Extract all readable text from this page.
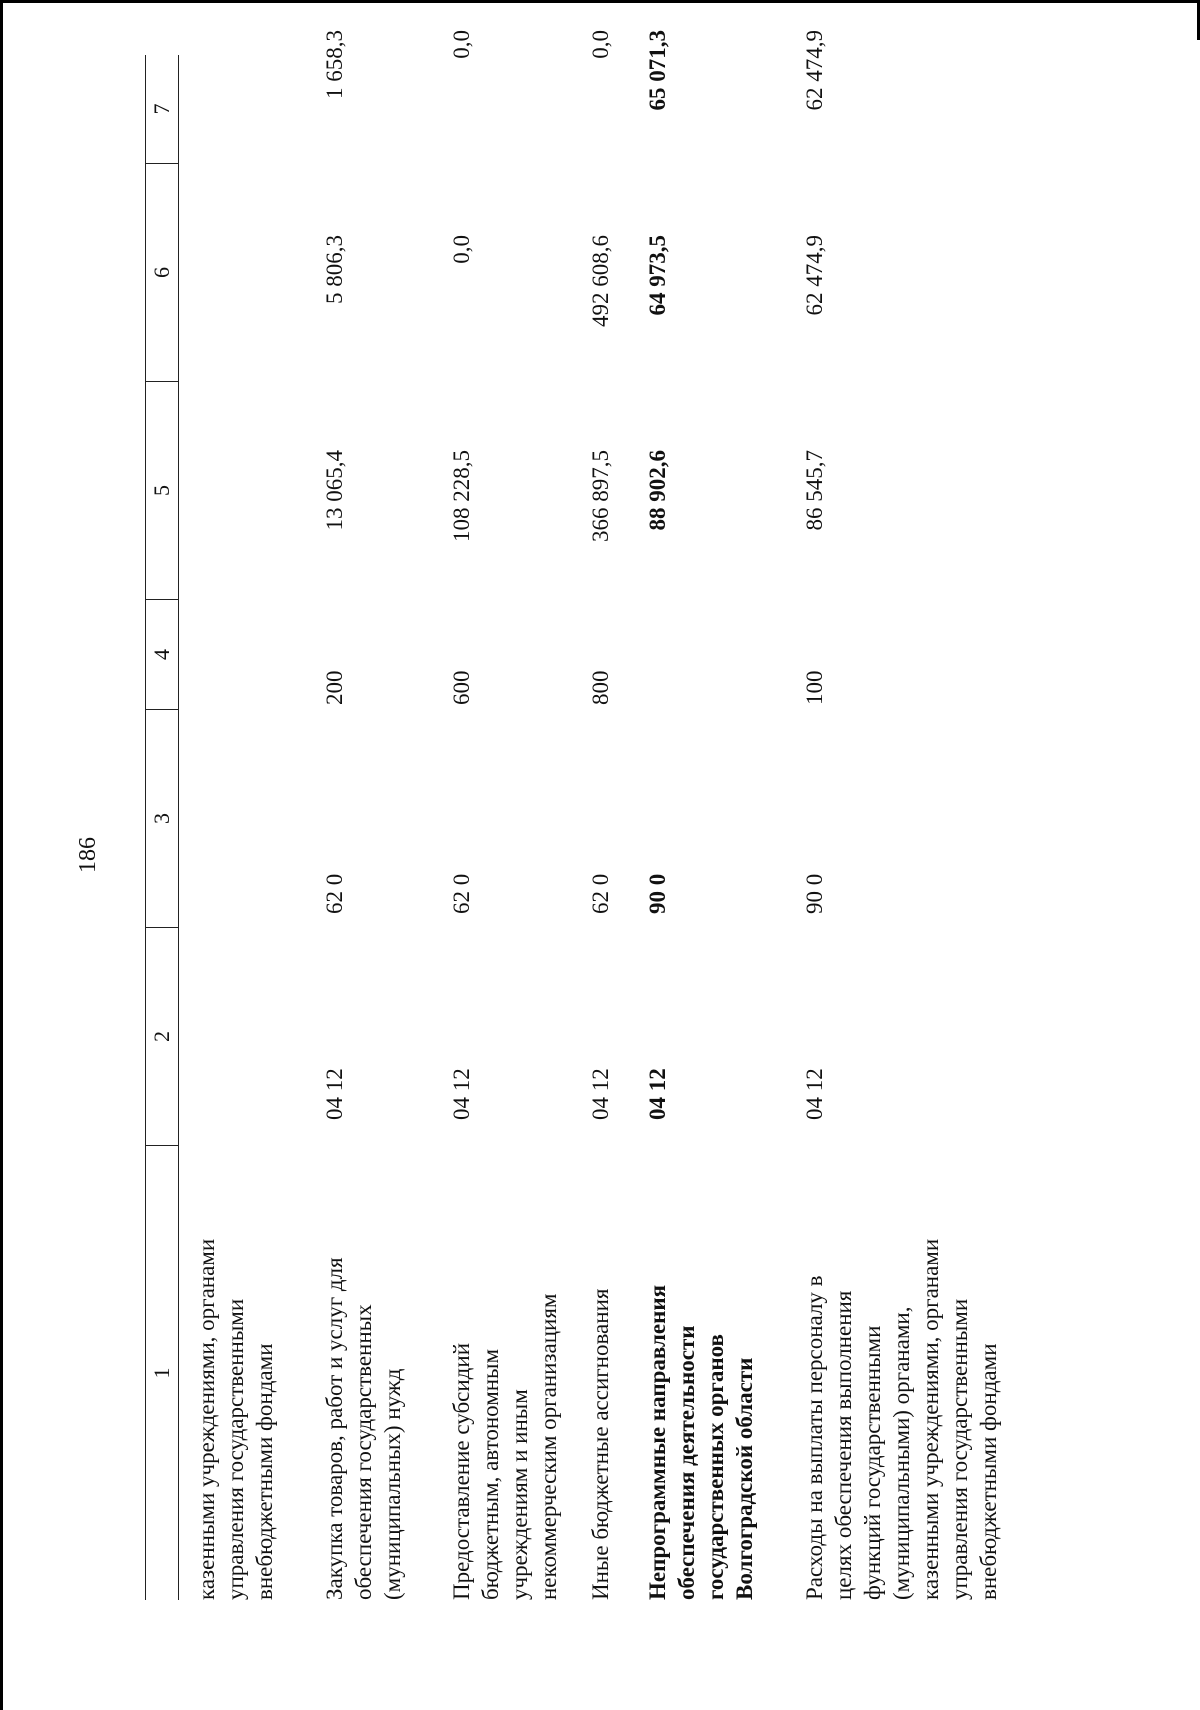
186
1
2
3
4
5
6
7
казенными учреждениями, органами управления государственными внебюджетными фондами Закупка товаров, работ и услуг для обеспечения государственных (муниципальных) нужд
04 12
62 0
200
13 065,4
5 806,3
1 658,3
Предоставление субсидий бюджетным, автономным учреждениям и иным некоммерческим организациям
04 12
62 0
600
108 228,5
0,0
0,0
Иные бюджетные ассигнования
04 12
62 0
800
366 897,5
492 608,6
0,0
Непрограммные направления обеспечения деятельности государственных органов Волгоградской области
04 12
90 0
88 902,6
64 973,5
65 071,3
Расходы на выплаты персоналу в целях обеспечения выполнения функций государственными (муниципальными) органами, казенными учреждениями, органами управления государственными внебюджетными фондами
04 12
90 0
100
86 545,7
62 474,9
62 474,9
